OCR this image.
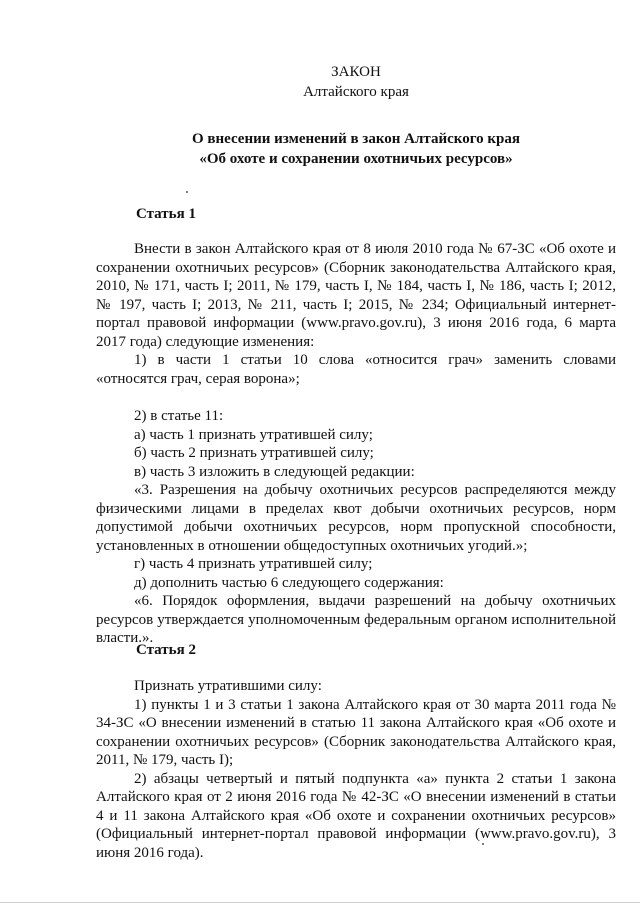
ЗАКОН
Алтайского края
О внесении изменений в закон Алтайского края
«Об охоте и сохранении охотничьих ресурсов»
Статья 1

Внести в закон Алтайского края от 8 июля 2010 года № 67-ЗС «Об охоте и сохранении охотничьих ресурсов» (Сборник законодательства Алтайского края, 2010, № 171, часть I; 2011, № 179, часть I, № 184, часть I, № 186, часть I; 2012, № 197, часть I; 2013, № 211, часть I; 2015, № 234; Официальный интернет-портал правовой информации (www.pravo.gov.ru), 3 июня 2016 года, 6 марта 2017 года) следующие изменения:

1) в части 1 статьи 10 слова «относится грач» заменить словами «относятся грач, серая ворона»;

2) в статье 11:

а) часть 1 признать утратившей силу;

б) часть 2 признать утратившей силу;

в) часть 3 изложить в следующей редакции:

«3. Разрешения на добычу охотничьих ресурсов распределяются между физическими лицами в пределах квот добычи охотничьих ресурсов, норм допустимой добычи охотничьих ресурсов, норм пропускной способности, установленных в отношении общедоступных охотничьих угодий.»;

г) часть 4 признать утратившей силу;

д) дополнить частью 6 следующего содержания:

«6. Порядок оформления, выдачи разрешений на добычу охотничьих ресурсов утверждается уполномоченным федеральным органом исполнительной власти.».

Статья 2

Признать утратившими силу:

1) пункты 1 и 3 статьи 1 закона Алтайского края от 30 марта 2011 года № 34-ЗС «О внесении изменений в статью 11 закона Алтайского края «Об охоте и сохранении охотничьих ресурсов» (Сборник законодательства Алтайского края, 2011, № 179, часть I);

2) абзацы четвертый и пятый подпункта «а» пункта 2 статьи 1 закона Алтайского края от 2 июня 2016 года № 42-ЗС «О внесении изменений в статьи 4 и 11 закона Алтайского края «Об охоте и сохранении охотничьих ресурсов» (Официальный интернет-портал правовой информации (www.pravo.gov.ru), 3 июня 2016 года).
